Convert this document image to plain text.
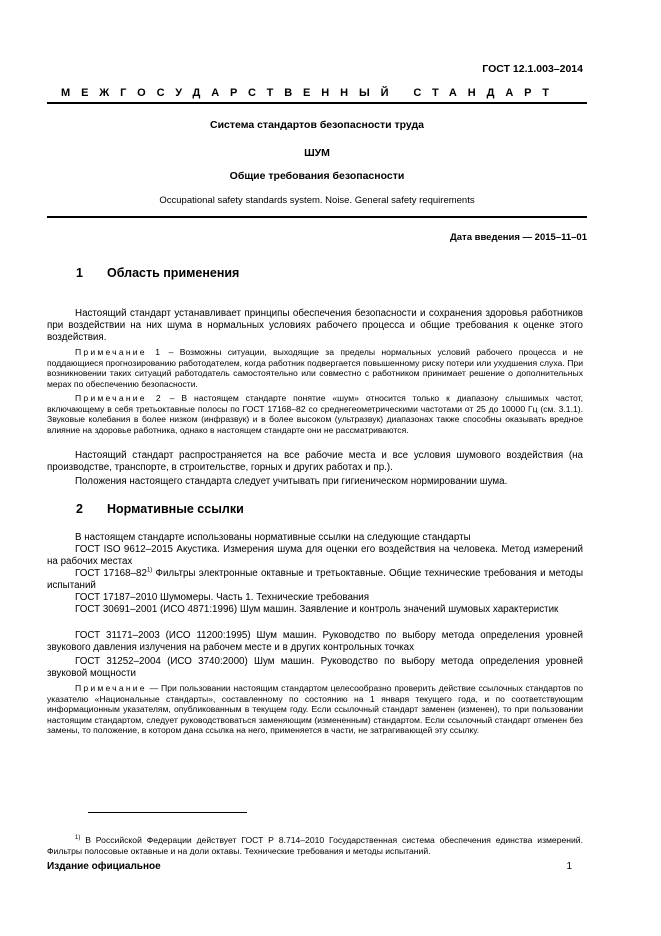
ГОСТ 12.1.003–2014
МЕЖГОСУДАРСТВЕННЫЙ СТАНДАРТ
Система стандартов безопасности труда
ШУМ
Общие требования безопасности
Occupational safety standards system. Noise. General safety requirements
Дата введения — 2015–11–01
1 Область применения
Настоящий стандарт устанавливает принципы обеспечения безопасности и сохранения здоровья работников при воздействии на них шума в нормальных условиях рабочего процесса и общие требования к оценке этого воздействия.
Примечание 1 – Возможны ситуации, выходящие за пределы нормальных условий рабочего процесса и не поддающиеся прогнозированию работодателем, когда работник подвергается повышенному риску потери или ухудшения слуха. При возникновении таких ситуаций работодатель самостоятельно или совместно с работником принимает решение о дополнительных мерах по обеспечению безопасности.
Примечание 2 – В настоящем стандарте понятие «шум» относится только к диапазону слышимых частот, включающему в себя третьоктавные полосы по ГОСТ 17168–82 со среднегеометрическими частотами от 25 до 10000 Гц (см. 3.1.1). Звуковые колебания в более низком (инфразвук) и в более высоком (ультразвук) диапазонах также способны оказывать вредное влияние на здоровье работника, однако в настоящем стандарте они не рассматриваются.
Настоящий стандарт распространяется на все рабочие места и все условия шумового воздействия (на производстве, транспорте, в строительстве, горных и других работах и пр.).
Положения настоящего стандарта следует учитывать при гигиеническом нормировании шума.
2 Нормативные ссылки
В настоящем стандарте использованы нормативные ссылки на следующие стандарты
ГОСТ ISO 9612–2015 Акустика. Измерения шума для оценки его воздействия на человека. Метод измерений на рабочих местах
ГОСТ 17168–82$^{1)}$ Фильтры электронные октавные и третьоктавные. Общие технические требования и методы испытаний
ГОСТ 17187–2010 Шумомеры. Часть 1. Технические требования
ГОСТ 30691–2001 (ИСО 4871:1996) Шум машин. Заявление и контроль значений шумовых характеристик
ГОСТ 31171–2003 (ИСО 11200:1995) Шум машин. Руководство по выбору метода определения уровней звукового давления излучения на рабочем месте и в других контрольных точках
ГОСТ 31252–2004 (ИСО 3740:2000) Шум машин. Руководство по выбору метода определения уровней звуковой мощности
Примечание — При пользовании настоящим стандартом целесообразно проверить действие ссылочных стандартов по указателю «Национальные стандарты», составленному по состоянию на 1 января текущего года, и по соответствующим информационным указателям, опубликованным в текущем году. Если ссылочный стандарт заменен (изменен), то при пользовании настоящим стандартом, следует руководствоваться заменяющим (измененным) стандартом. Если ссылочный стандарт отменен без замены, то положение, в котором дана ссылка на него, применяется в части, не затрагивающей эту ссылку.
$^{1)}$ В Российской Федерации действует ГОСТ Р 8.714–2010 Государственная система обеспечения единства измерений. Фильтры полосовые октавные и на доли октавы. Технические требования и методы испытаний.
Издание официальное	1
